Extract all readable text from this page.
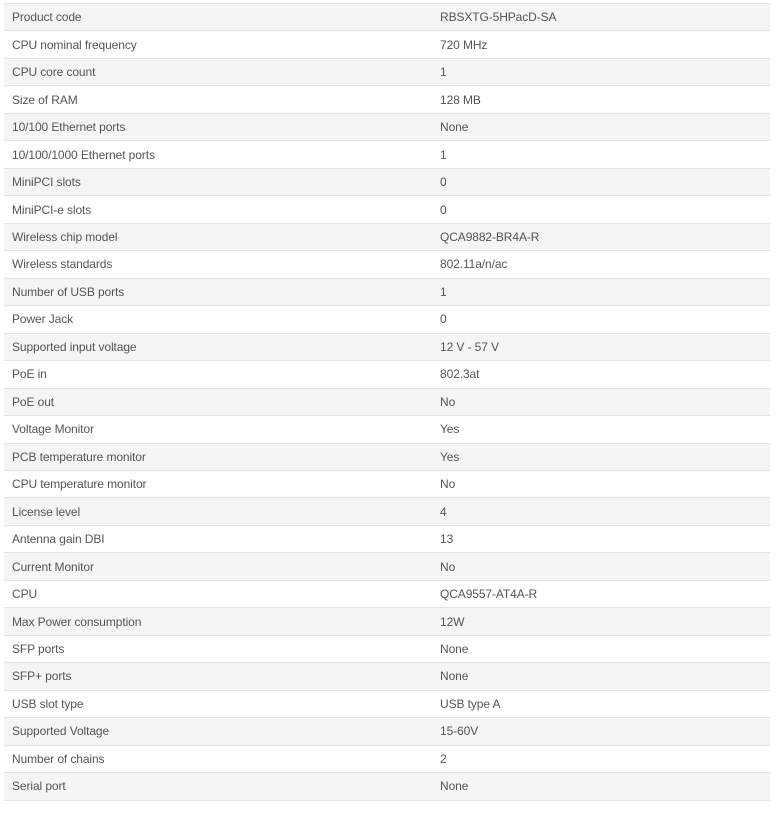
Product code	RBSXTG-5HPacD-SA
CPU nominal frequency	720 MHz
CPU core count	1
Size of RAM	128 MB
10/100 Ethernet ports	None
10/100/1000 Ethernet ports	1
MiniPCI slots	0
MiniPCI-e slots	0
Wireless chip model	QCA9882-BR4A-R
Wireless standards	802.11a/n/ac
Number of USB ports	1
Power Jack	0
Supported input voltage	12 V - 57 V
PoE in	802.3at
PoE out	No
Voltage Monitor	Yes
PCB temperature monitor	Yes
CPU temperature monitor	No
License level	4
Antenna gain DBI	13
Current Monitor	No
CPU	QCA9557-AT4A-R
Max Power consumption	12W
SFP ports	None
SFP+ ports	None
USB slot type	USB type A
Supported Voltage	15-60V
Number of chains	2
Serial port	None
